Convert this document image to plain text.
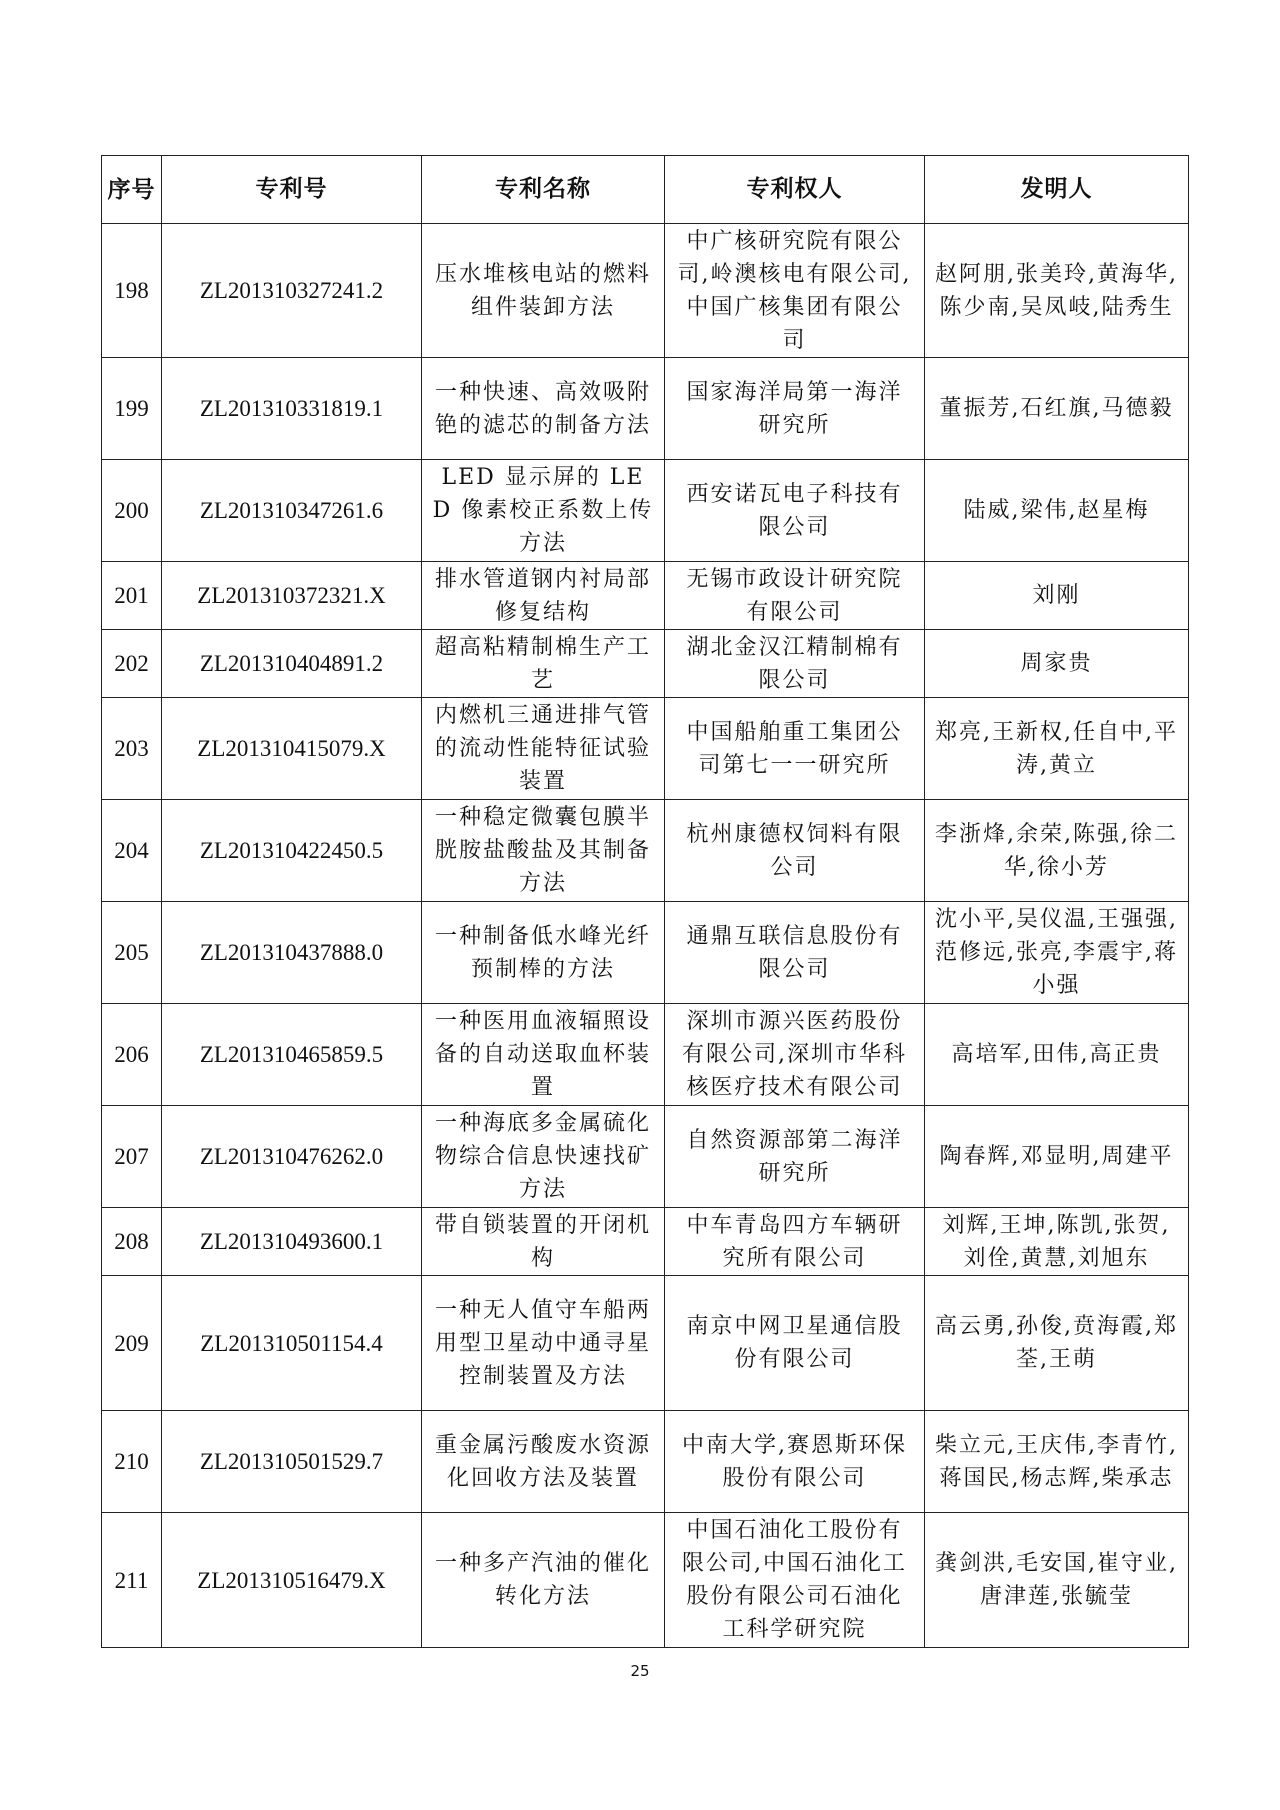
序号	专利号	专利名称	专利权人	发明人
198	ZL201310327241.2	压水堆核电站的燃料组件装卸方法	中广核研究院有限公司,岭澳核电有限公司,中国广核集团有限公司	赵阿朋,张美玲,黄海华,陈少南,吴凤岐,陆秀生
199	ZL201310331819.1	一种快速、高效吸附铯的滤芯的制备方法	国家海洋局第一海洋研究所	董振芳,石红旗,马德毅
200	ZL201310347261.6	LED 显示屏的 LED 像素校正系数上传方法	西安诺瓦电子科技有限公司	陆威,梁伟,赵星梅
201	ZL201310372321.X	排水管道钢内衬局部修复结构	无锡市政设计研究院有限公司	刘刚
202	ZL201310404891.2	超高粘精制棉生产工艺	湖北金汉江精制棉有限公司	周家贵
203	ZL201310415079.X	内燃机三通进排气管的流动性能特征试验装置	中国船舶重工集团公司第七一一研究所	郑亮,王新权,任自中,平涛,黄立
204	ZL201310422450.5	一种稳定微囊包膜半胱胺盐酸盐及其制备方法	杭州康德权饲料有限公司	李浙烽,余荣,陈强,徐二华,徐小芳
205	ZL201310437888.0	一种制备低水峰光纤预制棒的方法	通鼎互联信息股份有限公司	沈小平,吴仪温,王强强,范修远,张亮,李震宇,蒋小强
206	ZL201310465859.5	一种医用血液辐照设备的自动送取血杯装置	深圳市源兴医药股份有限公司,深圳市华科核医疗技术有限公司	高培军,田伟,高正贵
207	ZL201310476262.0	一种海底多金属硫化物综合信息快速找矿方法	自然资源部第二海洋研究所	陶春辉,邓显明,周建平
208	ZL201310493600.1	带自锁装置的开闭机构	中车青岛四方车辆研究所有限公司	刘辉,王坤,陈凯,张贺,刘佺,黄慧,刘旭东
209	ZL201310501154.4	一种无人值守车船两用型卫星动中通寻星控制装置及方法	南京中网卫星通信股份有限公司	高云勇,孙俊,贲海霞,郑荃,王萌
210	ZL201310501529.7	重金属污酸废水资源化回收方法及装置	中南大学,赛恩斯环保股份有限公司	柴立元,王庆伟,李青竹,蒋国民,杨志辉,柴承志
211	ZL201310516479.X	一种多产汽油的催化转化方法	中国石油化工股份有限公司,中国石油化工股份有限公司石油化工科学研究院	龚剑洪,毛安国,崔守业,唐津莲,张毓莹
25
